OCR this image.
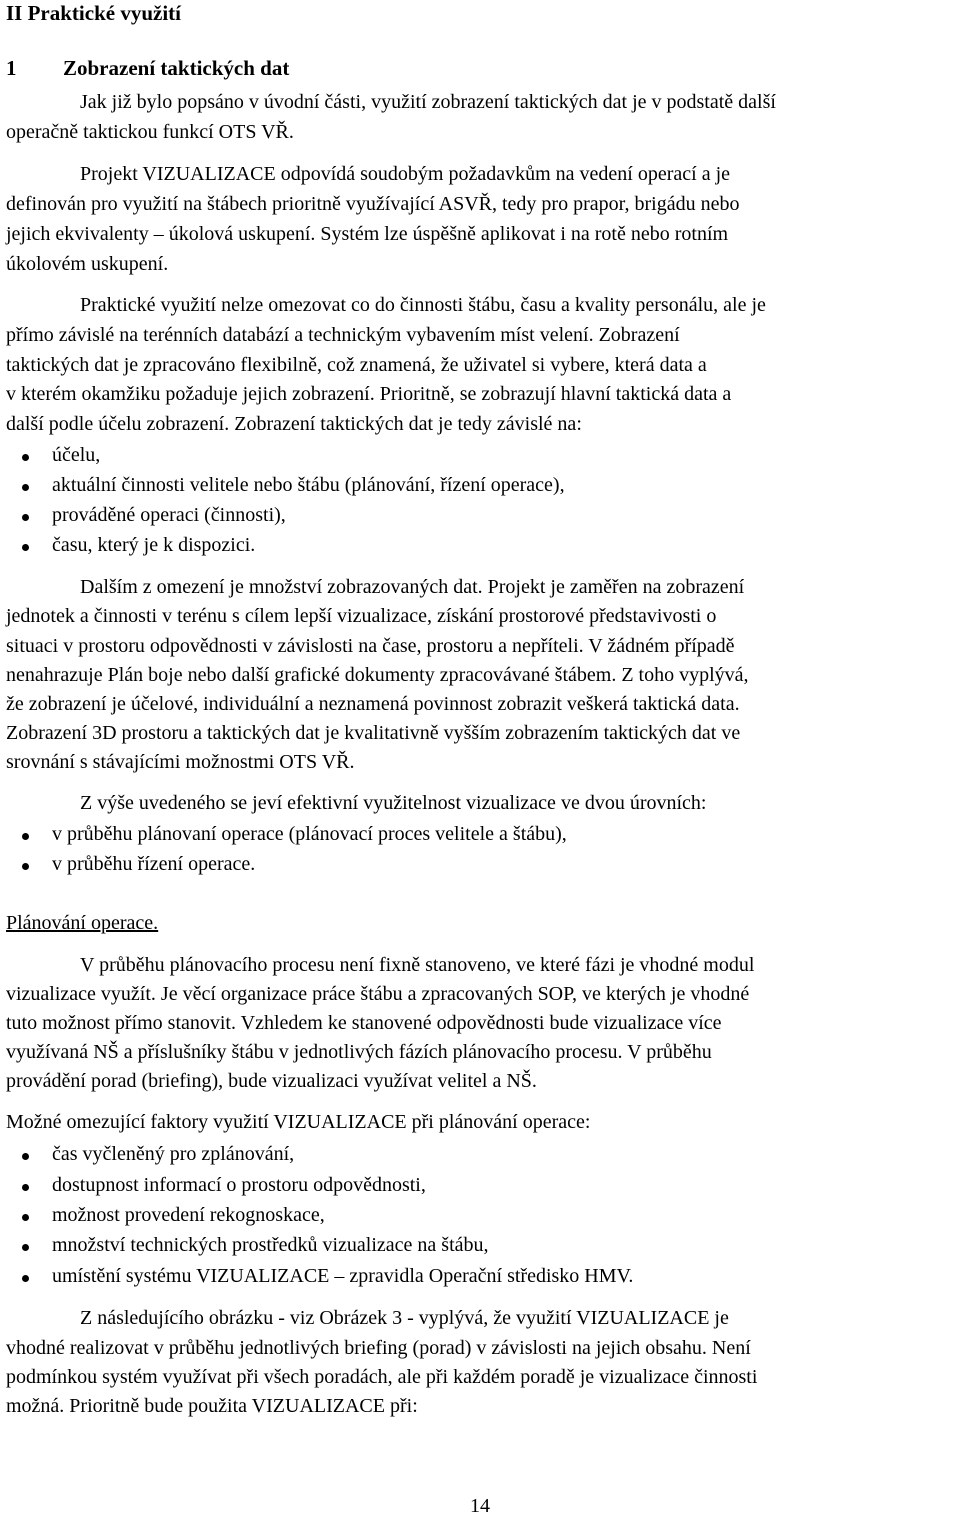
II Praktické využití
1 Zobrazení taktických dat
Jak již bylo popsáno v úvodní části, využití zobrazení taktických dat je v podstatě další
operačně taktickou funkcí OTS VŘ.
Projekt VIZUALIZACE odpovídá soudobým požadavkům na vedení operací a je
definován pro využití na štábech prioritně využívající ASVŘ, tedy pro prapor, brigádu nebo
jejich ekvivalenty – úkolová uskupení. Systém lze úspěšně aplikovat i na rotě nebo rotním
úkolovém uskupení.
Praktické využití nelze omezovat co do činnosti štábu, času a kvality personálu, ale je
přímo závislé na terénních databází a technickým vybavením míst velení. Zobrazení
taktických dat je zpracováno flexibilně, což znamená, že uživatel si vybere, která data a
v kterém okamžiku požaduje jejich zobrazení. Prioritně, se zobrazují hlavní taktická data a
další podle účelu zobrazení. Zobrazení taktických dat je tedy závislé na:
účelu,
aktuální činnosti velitele nebo štábu (plánování, řízení operace),
prováděné operaci (činnosti),
času, který je k dispozici.
Dalším z omezení je množství zobrazovaných dat. Projekt je zaměřen na zobrazení
jednotek a činnosti v terénu s cílem lepší vizualizace, získání prostorové představivosti o
situaci v prostoru odpovědnosti v závislosti na čase, prostoru a nepříteli. V žádném případě
nenahrazuje Plán boje nebo další grafické dokumenty zpracovávané štábem. Z toho vyplývá,
že zobrazení je účelové, individuální a neznamená povinnost zobrazit veškerá taktická data.
Zobrazení 3D prostoru a taktických dat je kvalitativně vyšším zobrazením taktických dat ve
srovnání s stávajícími možnostmi OTS VŘ.
Z výše uvedeného se jeví efektivní využitelnost vizualizace ve dvou úrovních:
v průběhu plánovaní operace (plánovací proces velitele a štábu),
v průběhu řízení operace.
Plánování operace.
V průběhu plánovacího procesu není fixně stanoveno, ve které fázi je vhodné modul
vizualizace využít. Je věcí organizace práce štábu a zpracovaných SOP, ve kterých je vhodné
tuto možnost přímo stanovit. Vzhledem ke stanovené odpovědnosti bude vizualizace více
využívaná NŠ a příslušníky štábu v jednotlivých fázích plánovacího procesu. V průběhu
provádění porad (briefing), bude vizualizaci využívat velitel a NŠ.
Možné omezující faktory využití VIZUALIZACE při plánování operace:
čas vyčleněný pro zplánování,
dostupnost informací o prostoru odpovědnosti,
možnost provedení rekognoskace,
množství technických prostředků vizualizace na štábu,
umístění systému VIZUALIZACE – zpravidla Operační středisko HMV.
Z následujícího obrázku - viz Obrázek 3 - vyplývá, že využití VIZUALIZACE je
vhodné realizovat v průběhu jednotlivých briefing (porad) v závislosti na jejich obsahu. Není
podmínkou systém využívat při všech poradách, ale při každém poradě je vizualizace činnosti
možná. Prioritně bude použita VIZUALIZACE při:
14
